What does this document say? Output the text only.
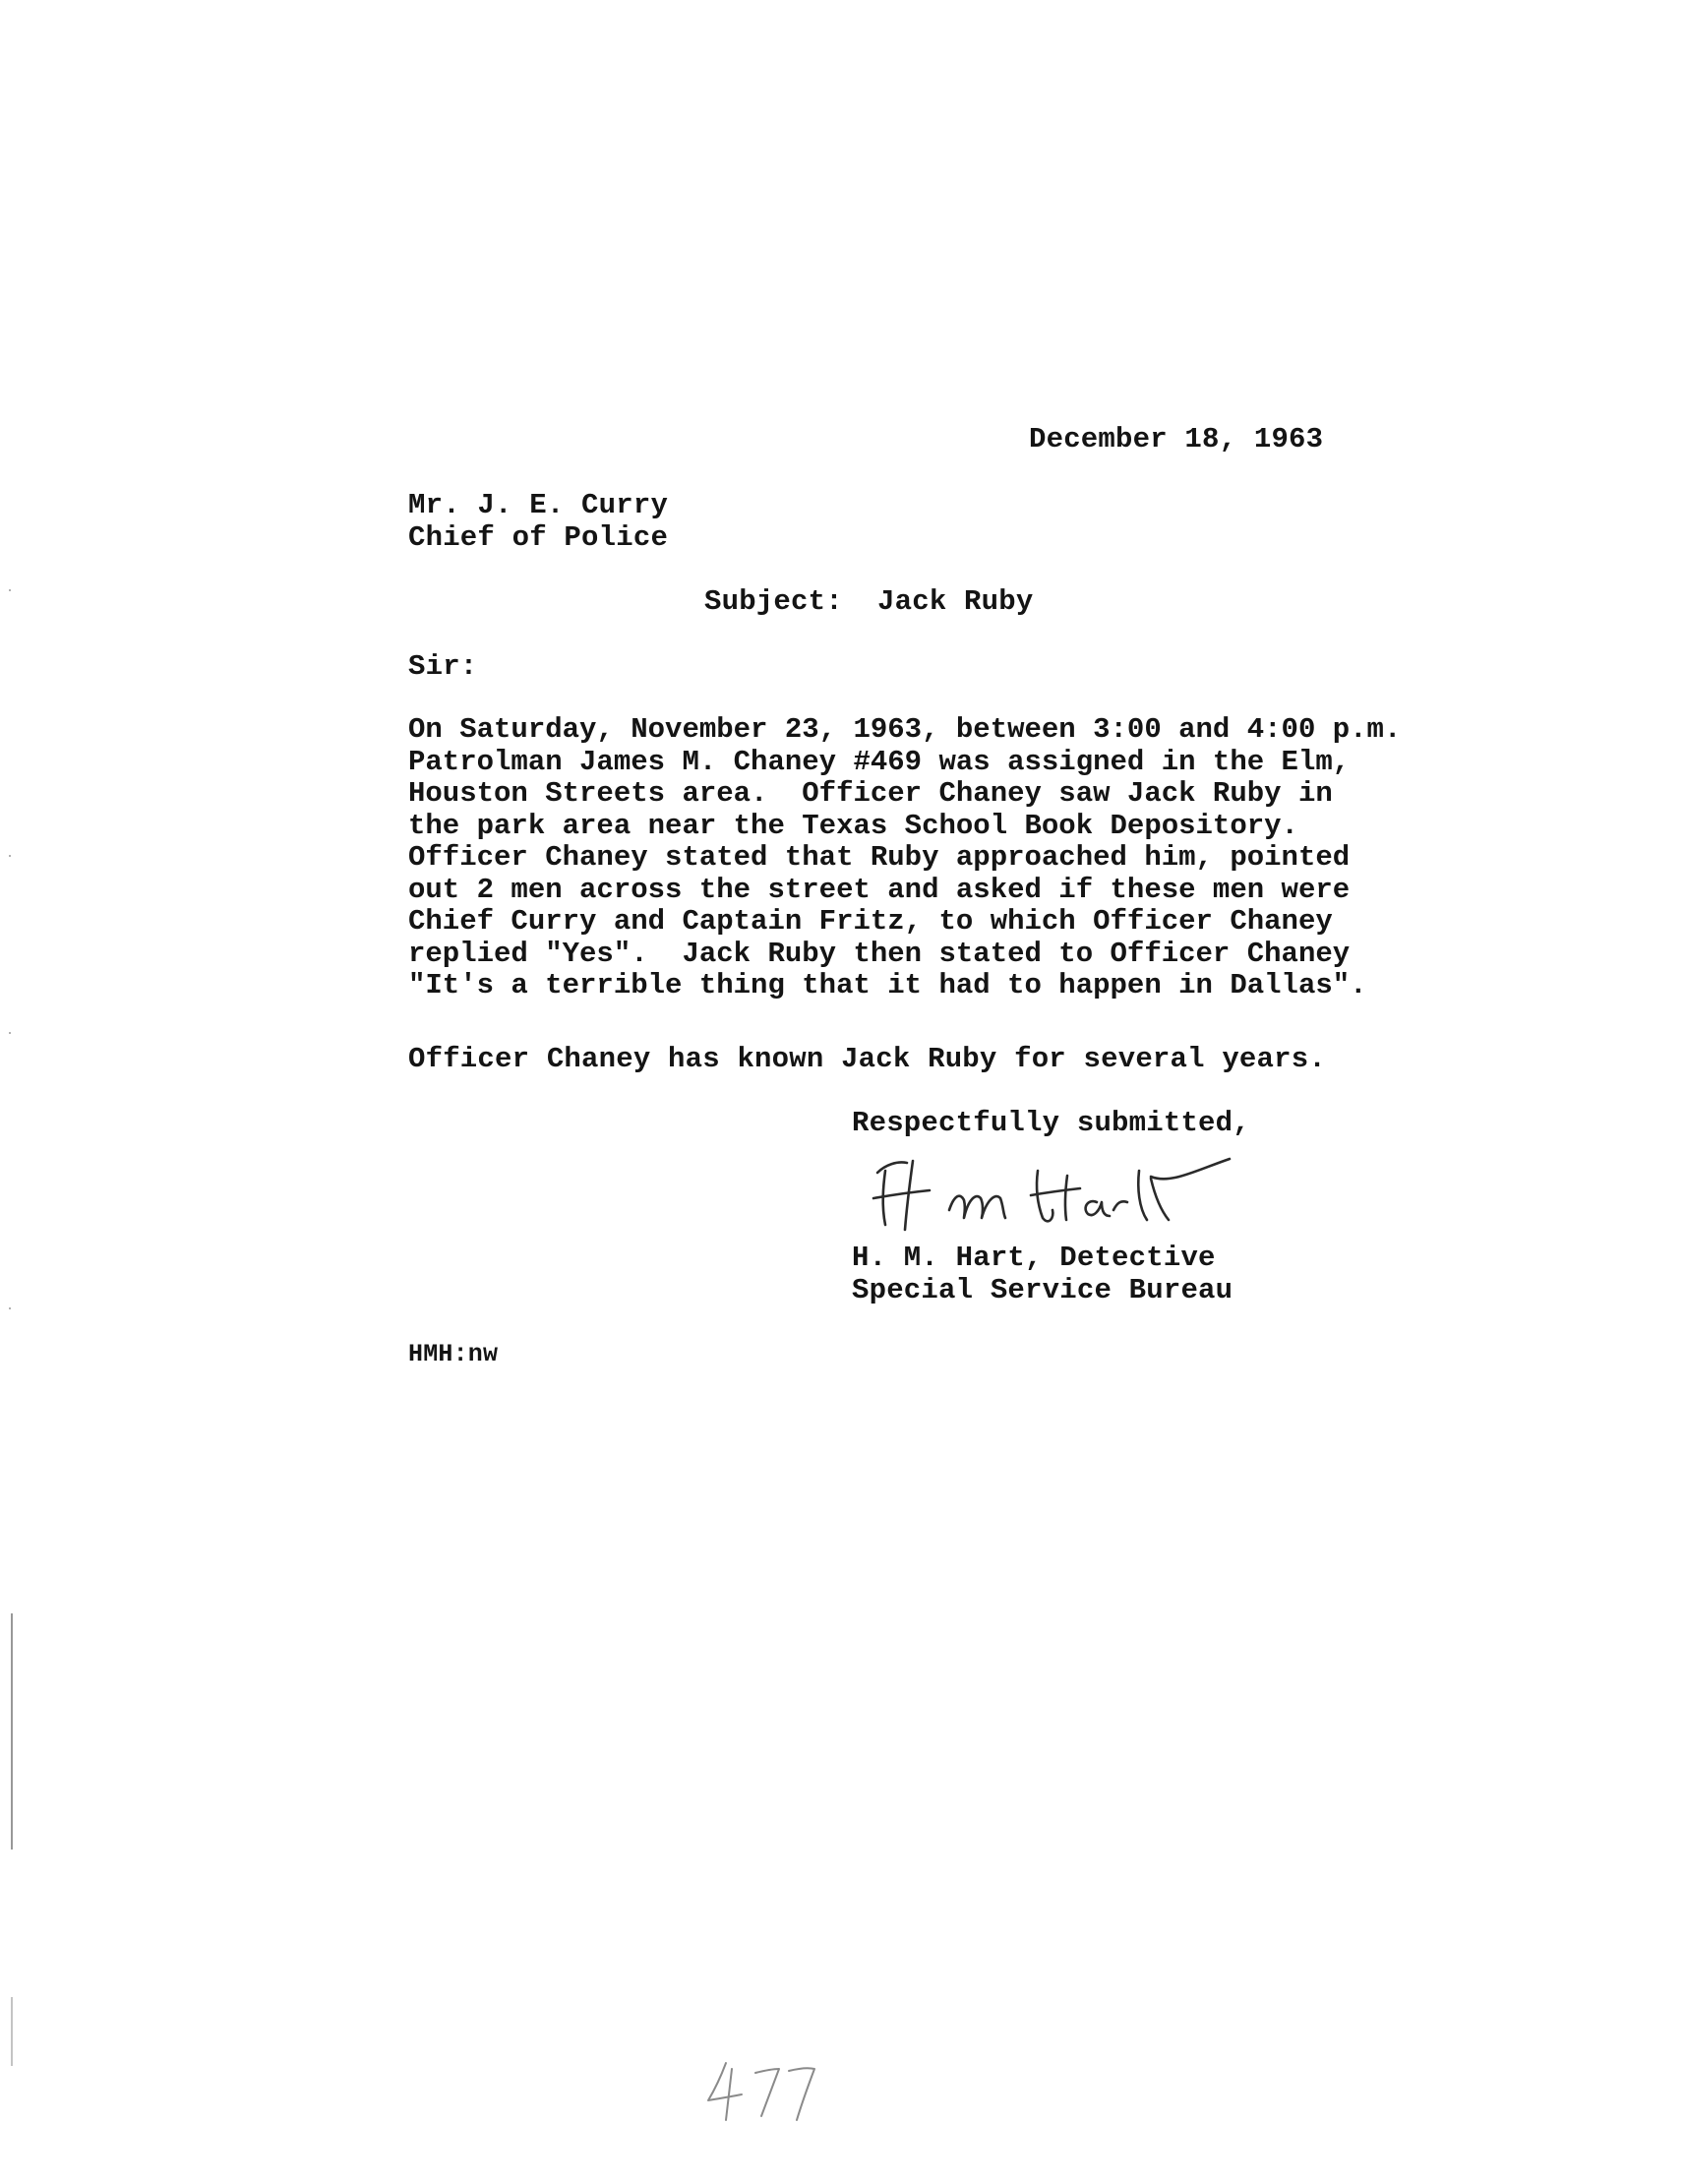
December 18, 1963
Mr. J. E. Curry
Chief of Police
Subject:  Jack Ruby
Sir:
On Saturday, November 23, 1963, between 3:00 and 4:00 p.m.
Patrolman James M. Chaney #469 was assigned in the Elm,
Houston Streets area.  Officer Chaney saw Jack Ruby in
the park area near the Texas School Book Depository.
Officer Chaney stated that Ruby approached him, pointed
out 2 men across the street and asked if these men were
Chief Curry and Captain Fritz, to which Officer Chaney
replied "Yes".  Jack Ruby then stated to Officer Chaney
"It's a terrible thing that it had to happen in Dallas".
Officer Chaney has known Jack Ruby for several years.
Respectfully submitted,
H. M. Hart, Detective
Special Service Bureau
HMH:nw
